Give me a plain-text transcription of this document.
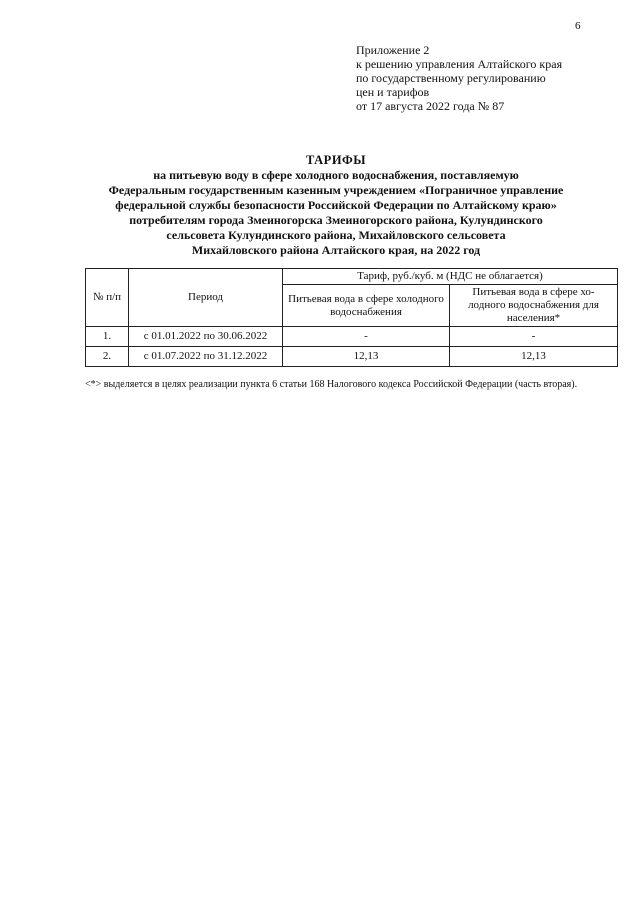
6
Приложение 2
к решению управления Алтайского края
по государственному регулированию
цен и тарифов
от 17 августа 2022 года № 87
ТАРИФЫ
на питьевую воду в сфере холодного водоснабжения, поставляемую
Федеральным государственным казенным учреждением «Пограничное управление
федеральной службы безопасности Российской Федерации по Алтайскому краю»
потребителям города Змеиногорска Змеиногорского района, Кулундинского
сельсовета Кулундинского района, Михайловского сельсовета
Михайловского района Алтайского края, на 2022 год
№ п/п	Период	Тариф, руб./куб. м (НДС не облагается)	
		Питьевая вода в сфере холодного водоснабжения	Питьевая вода в сфере хо-лодного водоснабжения для населения*
1.	с 01.01.2022 по 30.06.2022	-	-
2.	с 01.07.2022 по 31.12.2022	12,13	12,13
<*> выделяется в целях реализации пункта 6 статьи 168 Налогового кодекса Российской Федерации (часть вторая).
